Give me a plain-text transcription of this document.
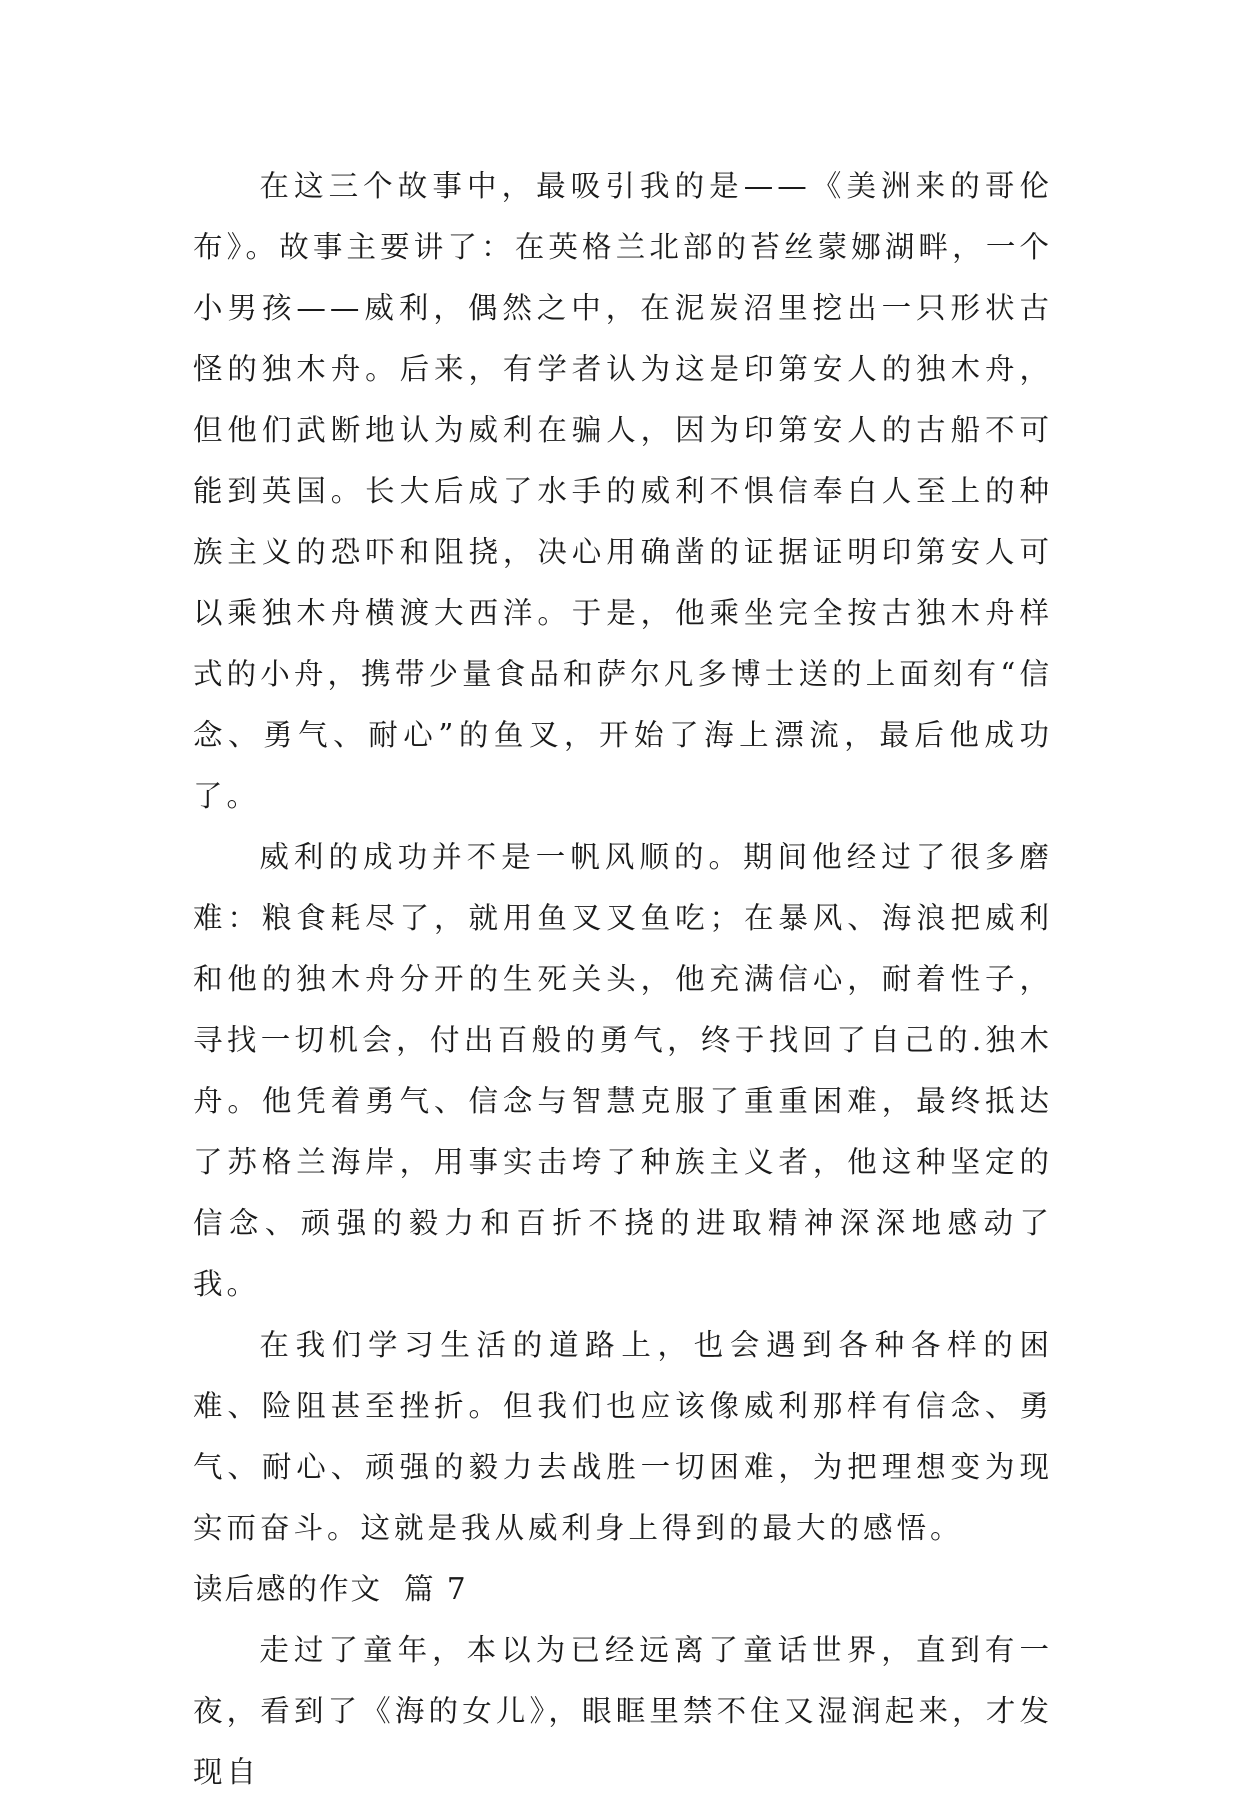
在这三个故事中，最吸引我的是——《美洲来的哥伦布》。故事主要讲了：在英格兰北部的苔丝蒙娜湖畔，一个小男孩——威利，偶然之中，在泥炭沼里挖出一只形状古怪的独木舟。后来，有学者认为这是印第安人的独木舟，但他们武断地认为威利在骗人，因为印第安人的古船不可能到英国。长大后成了水手的威利不惧信奉白人至上的种族主义的恐吓和阻挠，决心用确凿的证据证明印第安人可以乘独木舟横渡大西洋。于是，他乘坐完全按古独木舟样式的小舟，携带少量食品和萨尔凡多博士送的上面刻有“信念、勇气、耐心”的鱼叉，开始了海上漂流，最后他成功了。

威利的成功并不是一帆风顺的。期间他经过了很多磨难：粮食耗尽了，就用鱼叉叉鱼吃；在暴风、海浪把威利和他的独木舟分开的生死关头，他充满信心，耐着性子，寻找一切机会，付出百般的勇气，终于找回了自己的.独木舟。他凭着勇气、信念与智慧克服了重重困难，最终抵达了苏格兰海岸，用事实击垮了种族主义者，他这种坚定的信念、顽强的毅力和百折不挠的进取精神深深地感动了我。

在我们学习生活的道路上，也会遇到各种各样的困难、险阻甚至挫折。但我们也应该像威利那样有信念、勇气、耐心、顽强的毅力去战胜一切困难，为把理想变为现实而奋斗。这就是我从威利身上得到的最大的感悟。

读后感的作文 篇 7

走过了童年，本以为已经远离了童话世界，直到有一夜，看到了《海的女儿》，眼眶里禁不住又湿润起来，才发现自
